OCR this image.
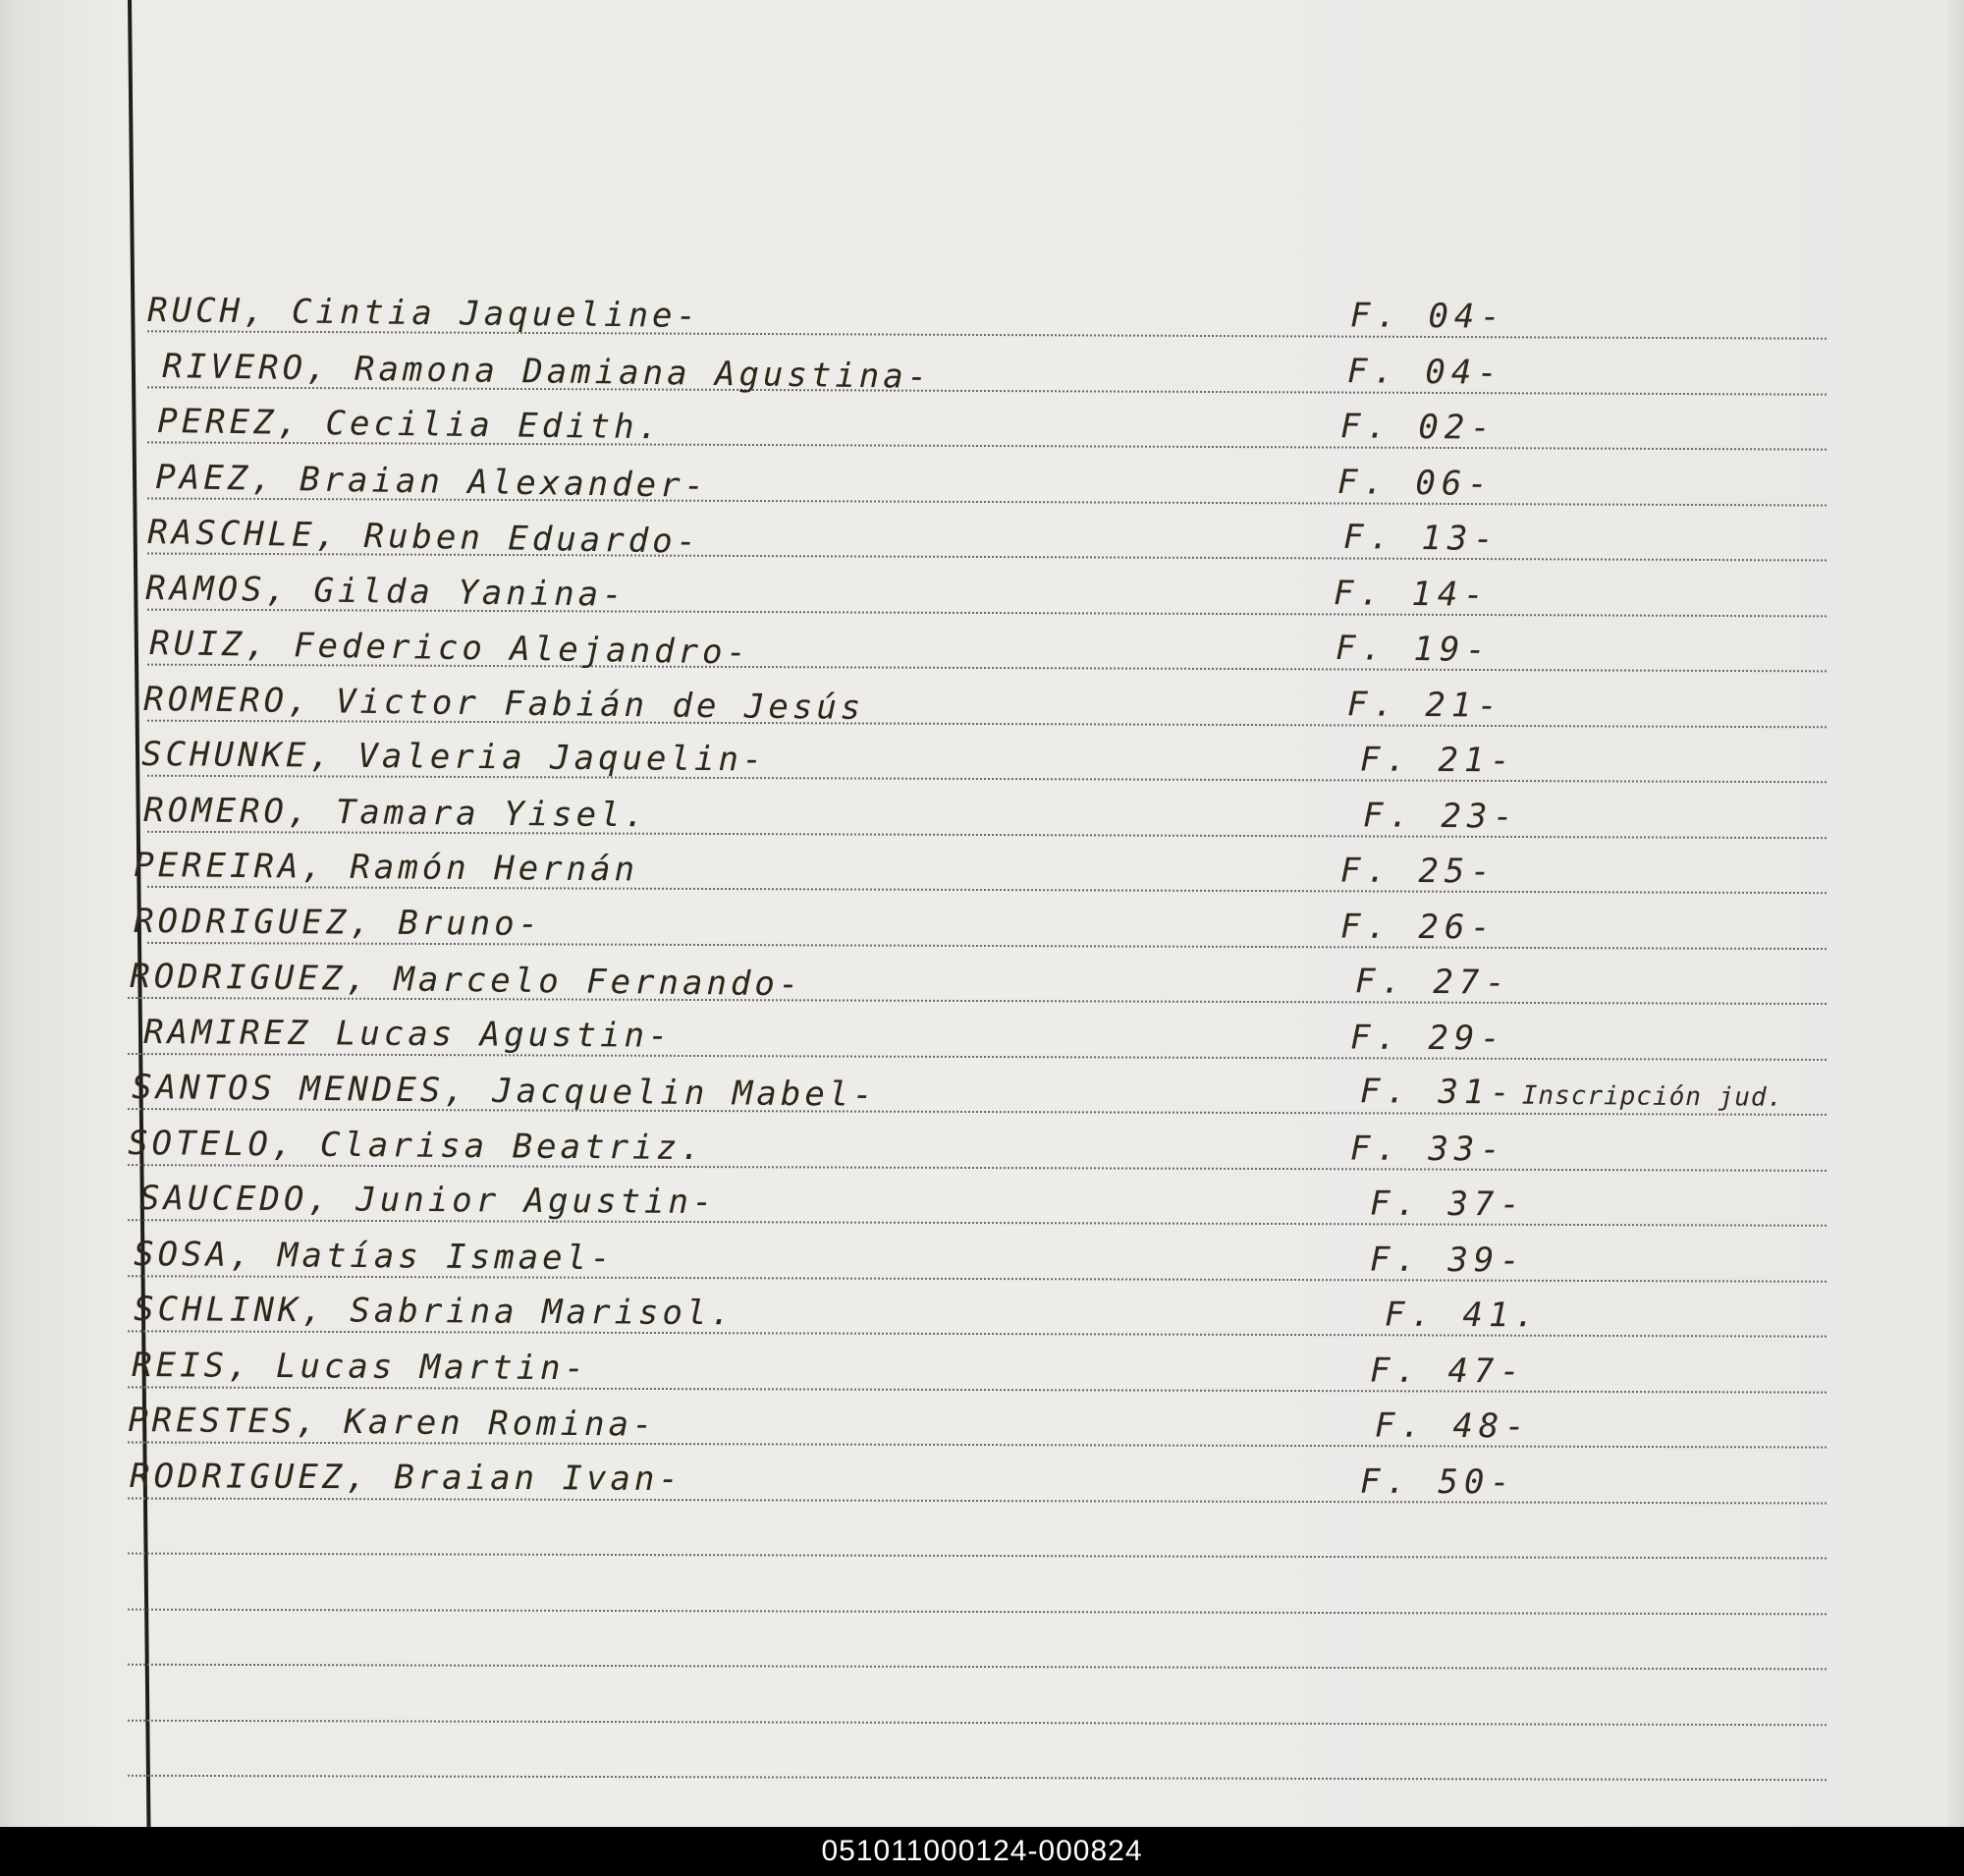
RUCH, Cintia Jaqueline-	F. 04-
RIVERO, Ramona Damiana Agustina-	F. 04-
PEREZ, Cecilia Edith.	F. 02-
PAEZ, Braian Alexander-	F. 06-
RASCHLE, Ruben Eduardo-	F. 13-
RAMOS, Gilda Yanina-	F. 14-
RUIZ, Federico Alejandro-	F. 19-
ROMERO, Victor Fabián de Jesús	F. 21-
SCHUNKE, Valeria Jaquelin-	F. 21-
ROMERO, Tamara Yisel.	F. 23-
PEREIRA, Ramón Hernán	F. 25-
RODRIGUEZ, Bruno-	F. 26-
RODRIGUEZ, Marcelo Fernando-	F. 27-
RAMIREZ Lucas Agustin-	F. 29-
SANTOS MENDES, Jacquelin Mabel-	F. 31- Inscripción jud.
SOTELO, Clarisa Beatriz.	F. 33-
SAUCEDO, Junior Agustin-	F. 37-
SOSA, Matías Ismael-	F. 39-
SCHLINK, Sabrina Marisol.	F. 41.
REIS, Lucas Martin-	F. 47-
PRESTES, Karen Romina-	F. 48-
RODRIGUEZ, Braian Ivan-	F. 50-
051011000124-000824
